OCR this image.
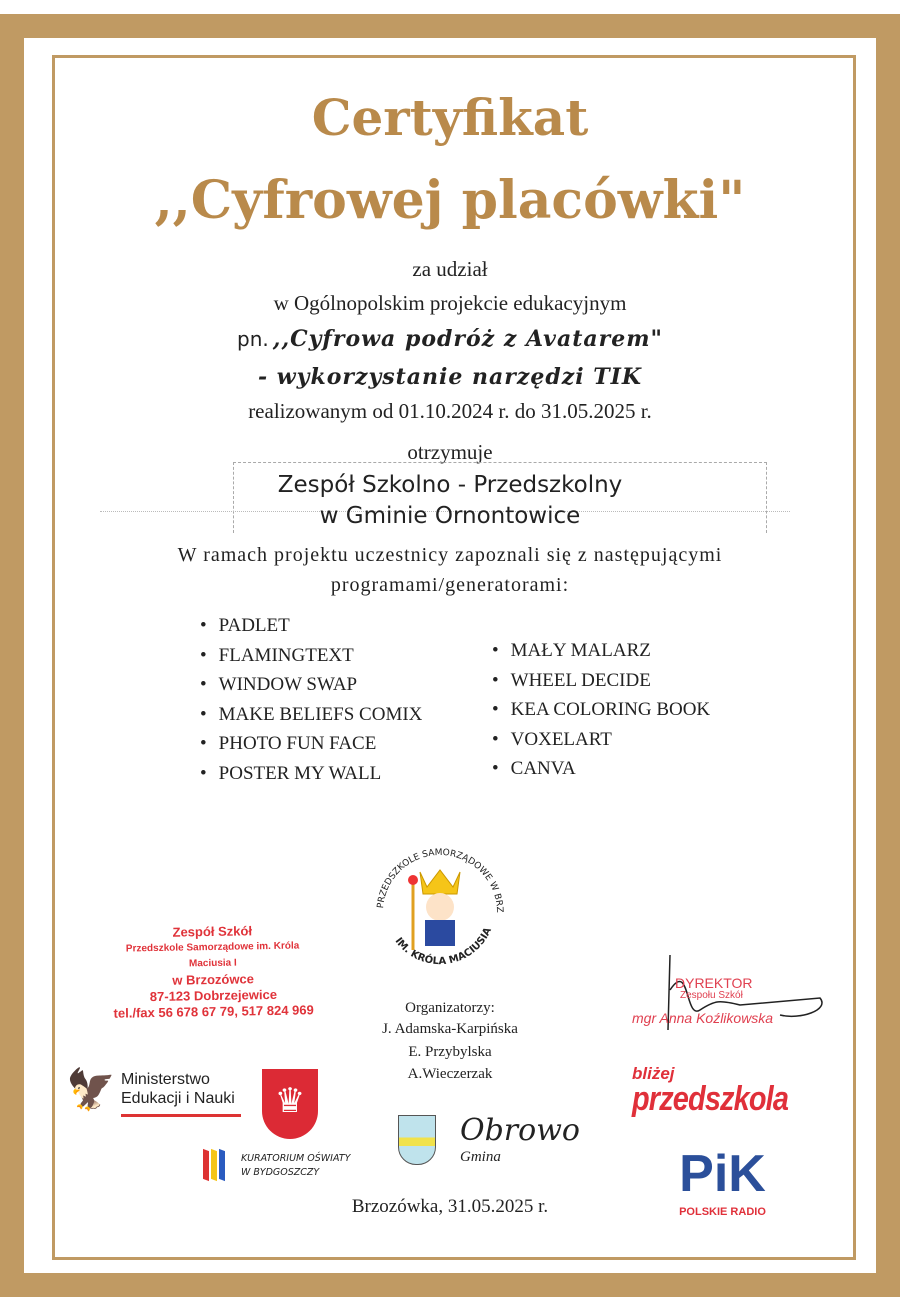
Certyfikat
,,Cyfrowej placówki"
za udział
w Ogólnopolskim projekcie edukacyjnym
pn. ,,Cyfrowa podróż z Avatarem"
- wykorzystanie narzędzi TIK
realizowanym od 01.10.2024 r. do 31.05.2025 r.
otrzymuje
Zespół Szkolno - Przedszkolny
w Gminie Ornontowice
W ramach projektu uczestnicy zapoznali się z następującymi
programami/generatorami:
• PADLET
• FLAMINGTEXT
• WINDOW SWAP
• MAKE BELIEFS COMIX
• PHOTO FUN FACE
• POSTER MY WALL
• MAŁY MALARZ
• WHEEL DECIDE
• KEA COLORING BOOK
• VOXELART
• CANVA
PRZEDSZKOLE SAMORZĄDOWE W BRZ
IM. KRÓLA MACIUSIA
Zespół Szkół
Przedszkole Samorządowe im. Króla Maciusia I
w Brzozówce
87-123 Dobrzejewice
tel./fax 56 678 67 79, 517 824 969	Organizatorzy:
J. Adamska-Karpińska
E. Przybylska
A.Wieczerzak
DYREKTOR
Zespołu Szkół
mgr Anna Koźlikowska
🦅 Ministerstwo
Edukacji i Nauki	♛
KURATORIUM OŚWIATY
W BYDGOSZCZY
Obrowo
Gmina
bliżej
przedszkola
PiK
POLSKIE RADIO
Brzozówka, 31.05.2025 r.
